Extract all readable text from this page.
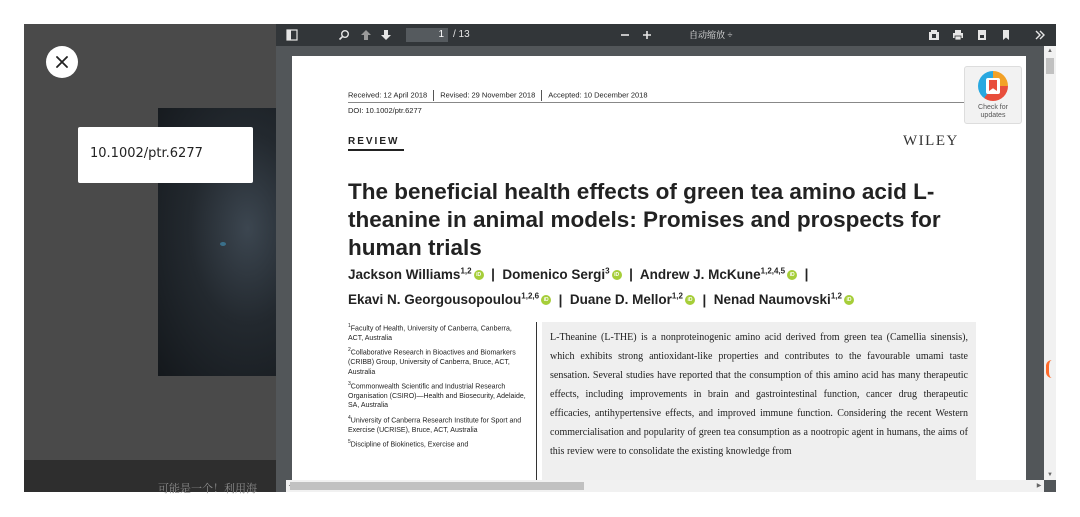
可能是一个！利用海
10.1002/ptr.6277
1 / 13	自动缩放 ÷
Received: 12 April 2018 Revised: 29 November 2018 Accepted: 10 December 2018
DOI: 10.1002/ptr.6277	Check for updates
REVIEW	WILEY
The beneficial health effects of green tea amino acid L-theanine in animal models: Promises and prospects for human trials
Jackson Williams$^{1,2}$ iD  |  Domenico Sergi$^3$ iD  |  Andrew J. McKune$^{1,2,4,5}$ iD  |
Ekavi N. Georgousopoulou$^{1,2,6}$ iD  |  Duane D. Mellor$^{1,2}$ iD  |  Nenad Naumovski$^{1,2}$ iD

$^1$Faculty of Health, University of Canberra, Canberra, ACT, Australia

$^2$Collaborative Research in Bioactives and Biomarkers (CRIBB) Group, University of Canberra, Bruce, ACT, Australia

$^3$Commonwealth Scientific and Industrial Research Organisation (CSIRO)—Health and Biosecurity, Adelaide, SA, Australia

$^4$University of Canberra Research Institute for Sport and Exercise (UCRISE), Bruce, ACT, Australia

$^5$Discipline of Biokinetics, Exercise and

L-Theanine (L-THE) is a nonproteinogenic amino acid derived from green tea (Camellia sinensis), which exhibits strong antioxidant-like properties and contributes to the favourable umami taste sensation. Several studies have reported that the consumption of this amino acid has many therapeutic effects, including improvements in brain and gastrointestinal function, cancer drug therapeutic efficacies, antihypertensive effects, and improved immune function. Considering the recent Western commercialisation and popularity of green tea consumption as a nootropic agent in humans, the aims of this review were to consolidate the existing knowledge from
▲
▼
▶
